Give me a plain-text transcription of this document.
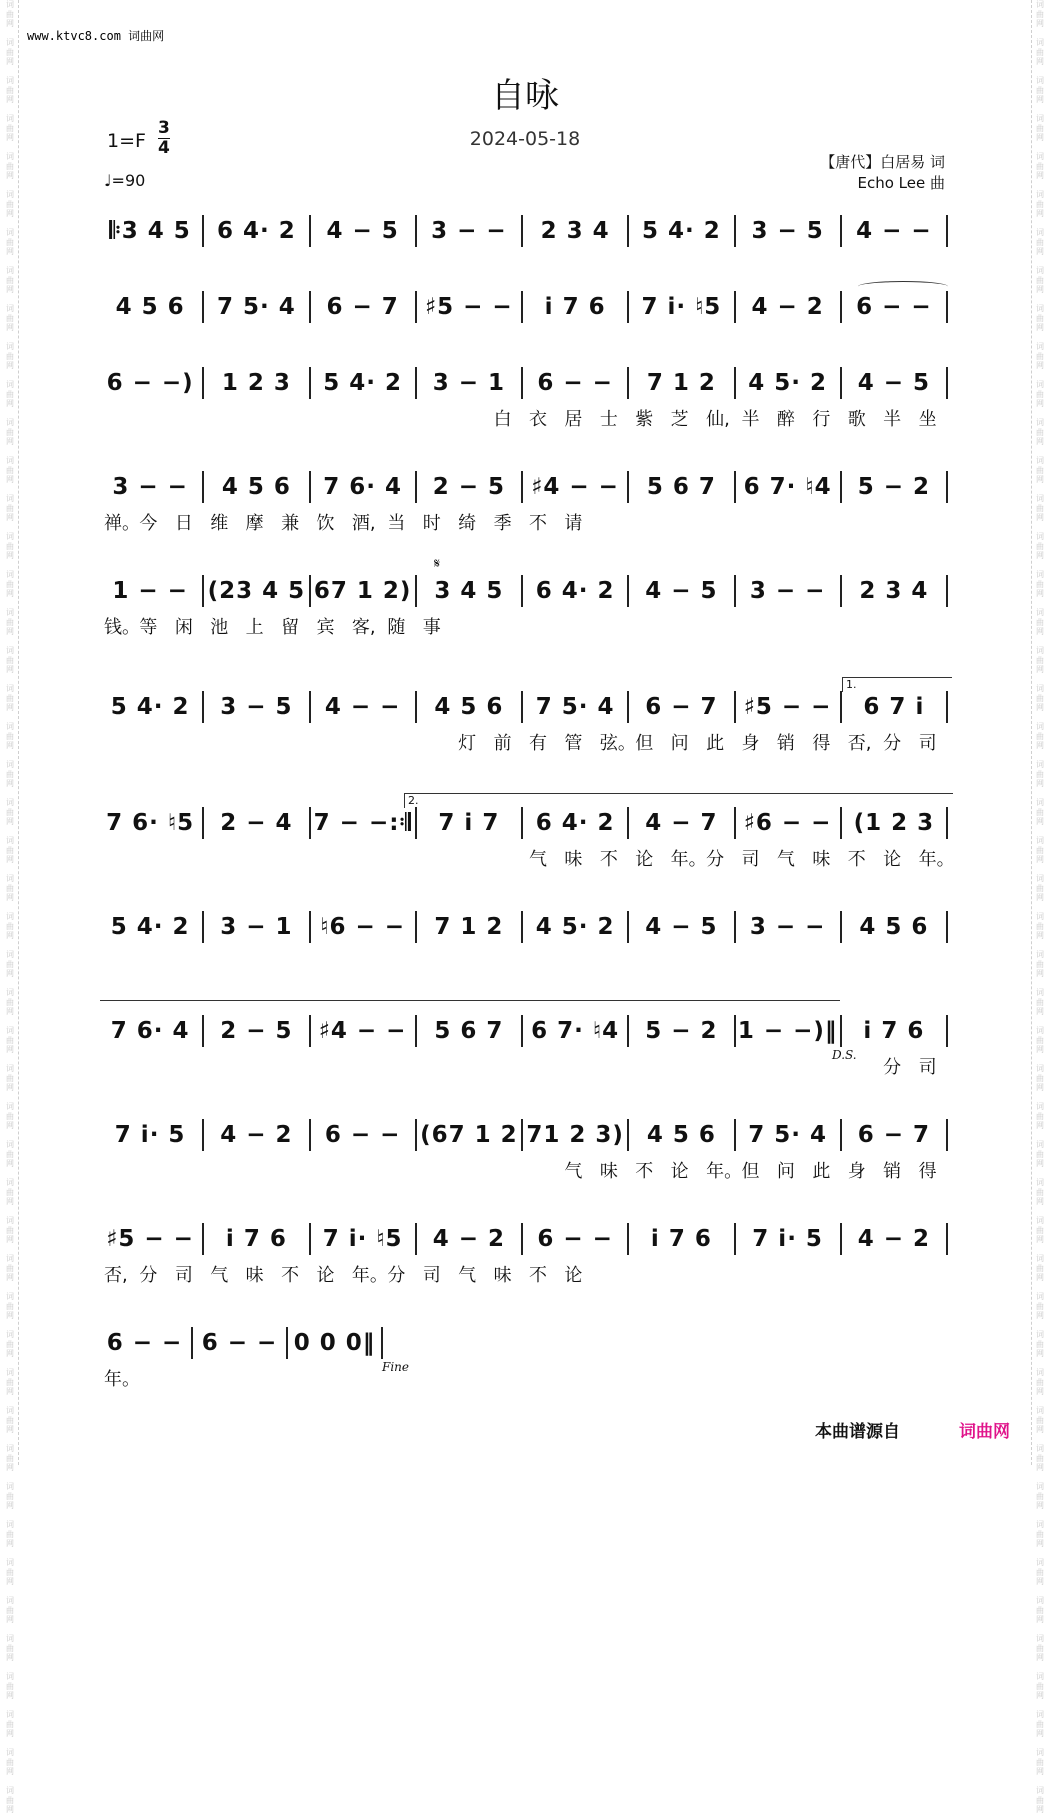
词
曲
网

词
曲
网

词
曲
网

词
曲
网

词
曲
网

词
曲
网

词
曲
网

词
曲
网

词
曲
网

词
曲
网

词
曲
网

词
曲
网

词
曲
网

词
曲
网

词
曲
网

词
曲
网

词
曲
网

词
曲
网

词
曲
网

词
曲
网

词
曲
网

词
曲
网

词
曲
网

词
曲
网

词
曲
网

词
曲
网

词
曲
网

词
曲
网

词
曲
网

词
曲
网

词
曲
网

词
曲
网

词
曲
网

词
曲
网

词
曲
网

词
曲
网

词
曲
网

词
曲
网

词
曲
网

词
曲
网

词
曲
网

词
曲
网

词
曲
网

词
曲
网

词
曲
网

词
曲
网

词
曲
网

词
曲
网

词
曲
网

词
曲
网

词
曲
网

词
曲
网

词
曲
网

词
曲
网

词
曲
网

词
曲
网

词
曲
网

词
曲
网

词
曲
网

词
曲
网

词
曲
网

词
曲
网

词
曲
网

词
曲
网

词
曲
网

词
曲
网

词
曲
网

词
曲
网

词
曲
网

词
曲
网

词
曲
网

词
曲
网

词
曲
网

词
曲
网

词
曲
网

词
曲
网

词
曲
网

词
曲
网

词
曲
网

词
曲
网

词
曲
网

词
曲
网

词
曲
网

词
曲
网

词
曲
网

词
曲
网

词
曲
网

词
曲
网

词
曲
网

词
曲
网

词
曲
网

词
曲
网

词
曲
网

词
曲
网

词
曲
网

词
曲
网

www.ktvc8.com 词曲网
自咏
2024-05-18
1=F
3
4
♩=90
【唐代】白居易 词
Echo Lee 曲
𝄆3 4 5	6 4· 2	4 − 5	3 − −	2 3 4	5 4· 2	3 − 5	4 − −
4 5 6	7 5· 4	6 − 7	♯5 − −	i 7 6	7 i· ♮5	4 − 2	6 − −
6 − −)	1 2 3	5 4· 2	3 − 1	6 − −	7 1 2	4 5· 2	4 − 5
白 衣 居 士 紫 芝 仙, 半 醉 行 歌 半 坐
3 − −	4 5 6	7 6· 4	2 − 5	♯4 − −	5 6 7	6 7· ♮4	5 − 2
禅。 今 日 维 摩 兼 饮 酒, 当 时 绮 季 不 请
1 − − (23 4 5 67 1 2) 3 4 5	6 4· 2	4 − 5	3 − −	2 3 4
钱。 等 闲 池 上 留 宾 客, 随 事
5 4· 2	3 − 5	4 − −	4 5 6	7 5· 4	6 − 7	♯5 − −	6 7 i
灯 前 有 管 弦。 但 问 此 身 销 得 否, 分 司
7 6· ♮5	2 − 4 7 − −:𝄇	7 i 7	6 4· 2	4 − 7	♯6 − − (1 2 3
气 味 不 论 年。 分 司 气 味 不 论 年。
5 4· 2	3 − 1	♮6 − −	7 1 2	4 5· 2	4 − 5	3 − −	4 5 6
7 6· 4	2 − 5	♯4 − −	5 6 7	6 7· ♮4	5 − 2 1 − −)‖	i 7 6
分 司
7 i· 5	4 − 2	6 − − (67 1 2 71 2 3) 4 5 6	7 5· 4	6 − 7
气 味 不 论 年。 但 问 此 身 销 得
♯5 − −	i 7 6	7 i· ♮5	4 − 2	6 − −	i 7 6	7 i· 5	4 − 2
否, 分 司 气 味 不 论 年。 分 司 气 味 不 论
6 − − 6 − − 0 0 0‖
年。
D.S.
Fine
𝄋
1.
2.
本曲谱源自	词曲网
